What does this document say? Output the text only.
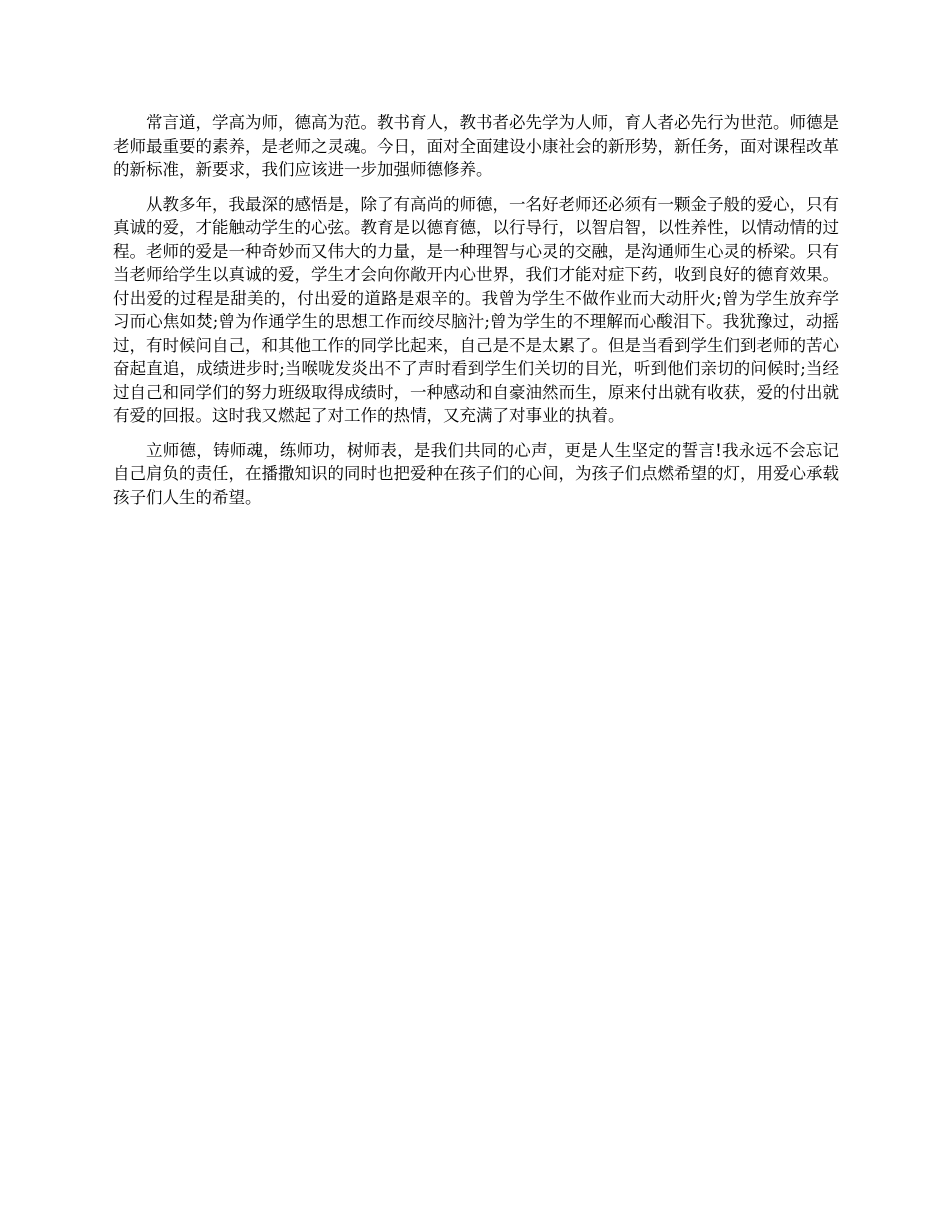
常言道，学高为师，德高为范。教书育人，教书者必先学为人师，育人者必先行为世范。师德是老师最重要的素养，是老师之灵魂。今日，面对全面建设小康社会的新形势，新任务，面对课程改革的新标准，新要求，我们应该进一步加强师德修养。

从教多年，我最深的感悟是，除了有高尚的师德，一名好老师还必须有一颗金子般的爱心，只有真诚的爱，才能触动学生的心弦。教育是以德育德，以行导行，以智启智，以性养性，以情动情的过程。老师的爱是一种奇妙而又伟大的力量，是一种理智与心灵的交融，是沟通师生心灵的桥梁。只有当老师给学生以真诚的爱，学生才会向你敞开内心世界，我们才能对症下药，收到良好的德育效果。付出爱的过程是甜美的，付出爱的道路是艰辛的。我曾为学生不做作业而大动肝火;曾为学生放弃学习而心焦如焚;曾为作通学生的思想工作而绞尽脑汁;曾为学生的不理解而心酸泪下。我犹豫过，动摇过，有时候问自己，和其他工作的同学比起来，自己是不是太累了。但是当看到学生们到老师的苦心奋起直追，成绩进步时;当喉咙发炎出不了声时看到学生们关切的目光，听到他们亲切的问候时;当经过自己和同学们的努力班级取得成绩时，一种感动和自豪油然而生，原来付出就有收获，爱的付出就有爱的回报。这时我又燃起了对工作的热情，又充满了对事业的执着。

立师德，铸师魂，练师功，树师表，是我们共同的心声，更是人生坚定的誓言!我永远不会忘记自己肩负的责任，在播撒知识的同时也把爱种在孩子们的心间，为孩子们点燃希望的灯，用爱心承载孩子们人生的希望。
